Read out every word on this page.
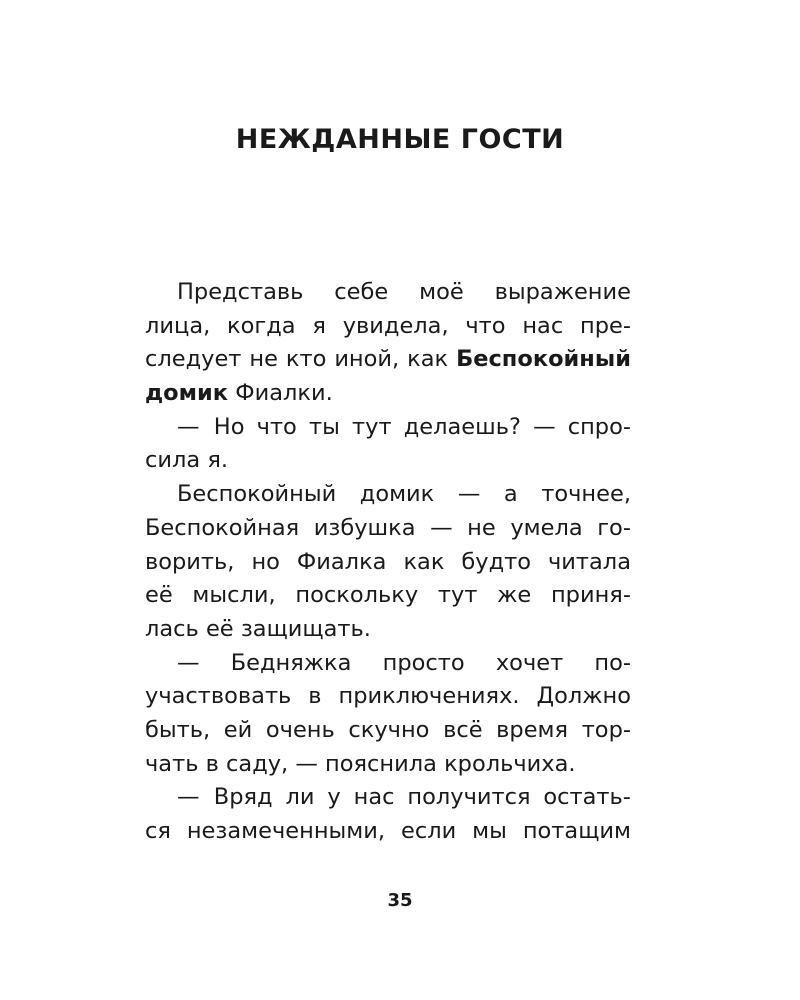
НЕЖДАННЫЕ ГОСТИ

Представь себе моё выражение
лица, когда я увидела, что нас пре-
следует не кто иной, как Беспокойный
домик Фиалки.

—  Но что ты тут делаешь? — спро-
сила я.

Беспокойный домик — а точнее,
Беспокойная избушка — не умела го-
ворить, но Фиалка как будто читала
её мысли, поскольку тут же приня-
лась её защищать.

— Бедняжка просто хочет по-
участвовать в приключениях. Должно
быть, ей очень скучно всё время тор-
чать в саду, — пояснила крольчиха.

—  Вряд ли у нас получится остать-
ся незамеченными, если мы потащим

35
